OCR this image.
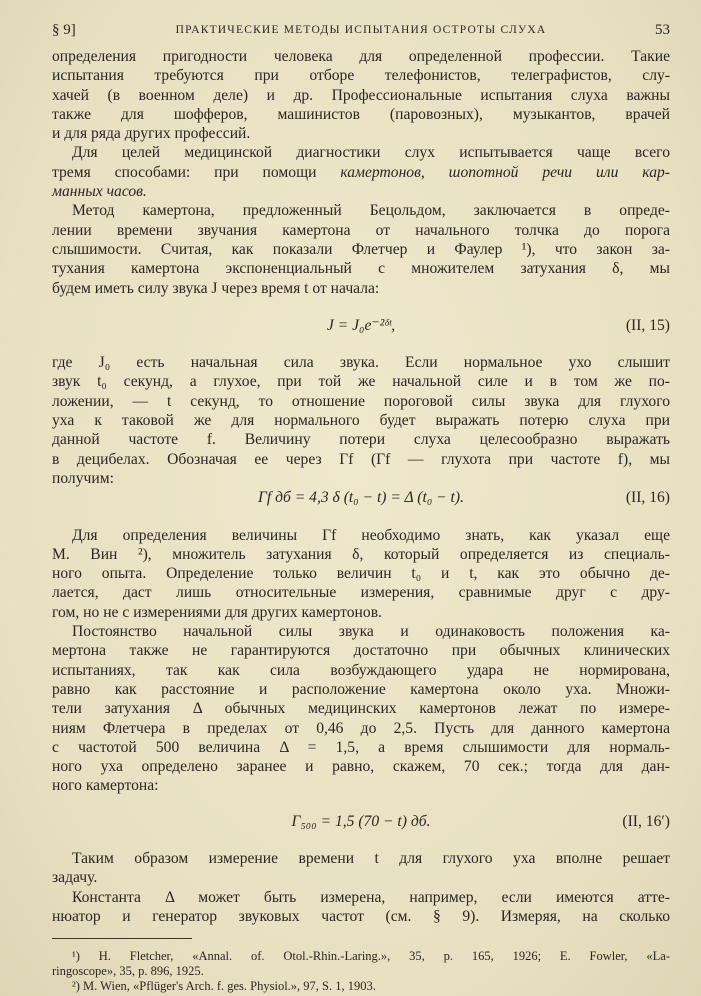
§ 9]	ПРАКТИЧЕСКИЕ МЕТОДЫ ИСПЫТАНИЯ ОСТРОТЫ СЛУХА	53
определения пригодности человека для определенной профессии. Такие
испытания требуются при отборе телефонистов, телеграфистов, слу-
хачей (в военном деле) и др. Профессиональные испытания слуха важны
также для шофферов, машинистов (паровозных), музыкантов, врачей
и для ряда других профессий.
Для целей медицинской диагностики слух испытывается чаще всего
тремя способами: при помощи камертонов, шопотной речи или кар-
манных часов.
Метод камертона, предложенный Бецольдом, заключается в опреде-
лении времени звучания камертона от начального толчка до порога
слышимости. Считая, как показали Флетчер и Фаулер ¹), что закон за-
тухания камертона экспоненциальный с множителем затухания δ, мы
будем иметь силу звука J через время t от начала:
J = J₀e⁻²ᵟᵗ,	(II, 15)
где J₀ есть начальная сила звука. Если нормальное ухо слышит
звук t₀ секунд, а глухое, при той же начальной силе и в том же по-
ложении, — t секунд, то отношение пороговой силы звука для глухого
уха к таковой же для нормального будет выражать потерю слуха при
данной частоте f. Величину потери слуха целесообразно выражать
в децибелах. Обозначая ее через Γf (Γf — глухота при частоте f), мы
получим:
Γf дб = 4,3 δ (t₀ − t) = Δ (t₀ − t).	(II, 16)
Для определения величины Γf необходимо знать, как указал еще
М. Вин ²), множитель затухания δ, который определяется из специаль-
ного опыта. Определение только величин t₀ и t, как это обычно де-
лается, даст лишь относительные измерения, сравнимые друг с дру-
гом, но не с измерениями для других камертонов.
Постоянство начальной силы звука и одинаковость положения ка-
мертона также не гарантируются достаточно при обычных клинических
испытаниях, так как сила возбуждающего удара не нормирована,
равно как расстояние и расположение камертона около уха. Множи-
тели затухания Δ обычных медицинских камертонов лежат по измере-
ниям Флетчера в пределах от 0,46 до 2,5. Пусть для данного камертона
с частотой 500 величина Δ = 1,5, а время слышимости для нормаль-
ного уха определено заранее и равно, скажем, 70 сек.; тогда для дан-
ного камертона:
Γ₅₀₀ = 1,5 (70 − t) дб.	(II, 16′)
Таким образом измерение времени t для глухого уха вполне решает
задачу.
Константа Δ может быть измерена, например, если имеются атте-
нюатор и генератор звуковых частот (см. § 9). Измеряя, на сколько
¹) H. Fletcher, «Annal. of. Otol.-Rhin.-Laring.», 35, p. 165, 1926; E. Fowler, «La-
ringoscope», 35, p. 896, 1925.
²) M. Wien, «Pflüger's Arch. f. ges. Physiol.», 97, S. 1, 1903.
